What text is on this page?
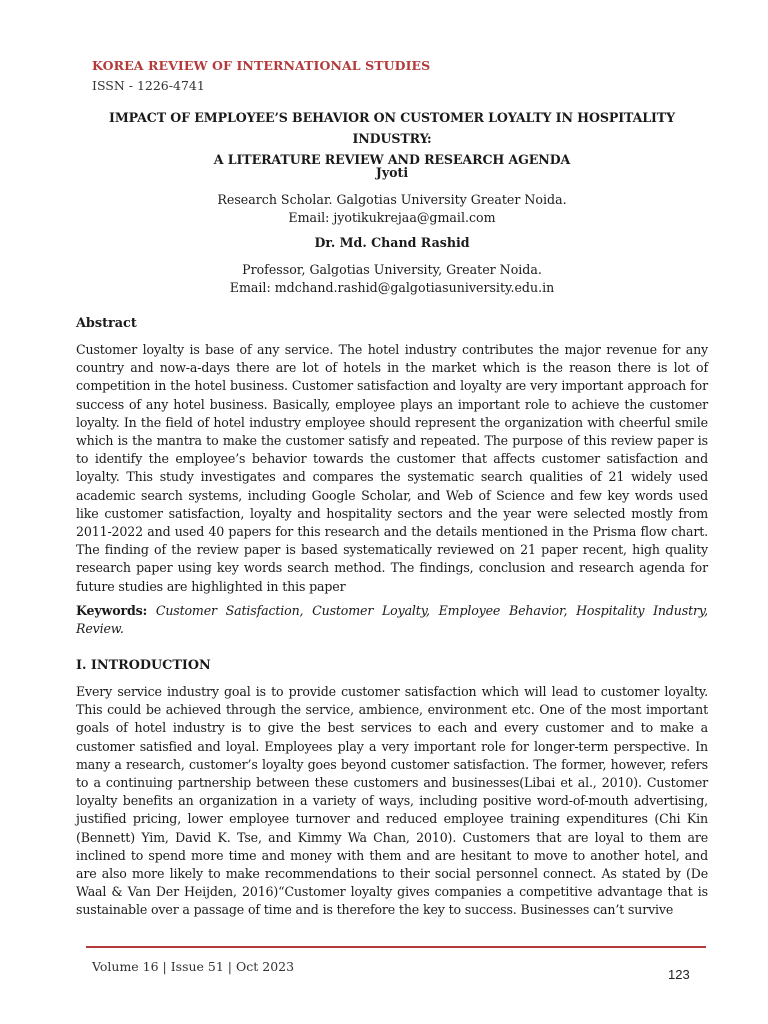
KOREA REVIEW OF INTERNATIONAL STUDIES
ISSN - 1226-4741
IMPACT OF EMPLOYEE’S BEHAVIOR ON CUSTOMER LOYALTY IN HOSPITALITY INDUSTRY:
A LITERATURE REVIEW AND RESEARCH AGENDA
Jyoti
Research Scholar. Galgotias University Greater Noida.
Email: jyotikukrejaa@gmail.com
Dr. Md. Chand Rashid
Professor, Galgotias University, Greater Noida.
Email: mdchand.rashid@galgotiasuniversity.edu.in
Abstract
Customer loyalty is base of any service. The hotel industry contributes the major revenue for any country and now-a-days there are lot of hotels in the market which is the reason there is lot of competition in the hotel business. Customer satisfaction and loyalty are very important approach for success of any hotel business. Basically, employee plays an important role to achieve the customer loyalty. In the field of hotel industry employee should represent the organization with cheerful smile which is the mantra to make the customer satisfy and repeated. The purpose of this review paper is to identify the employee’s behavior towards the customer that affects customer satisfaction and loyalty. This study investigates and compares the systematic search qualities of 21 widely used academic search systems, including Google Scholar, and Web of Science and few key words used like customer satisfaction, loyalty and hospitality sectors and the year were selected mostly from 2011-2022 and used 40 papers for this research and the details mentioned in the Prisma flow chart. The finding of the review paper is based systematically reviewed on 21 paper recent, high quality research paper using key words search method. The findings, conclusion and research agenda for future studies are highlighted in this paper
Keywords: Customer Satisfaction, Customer Loyalty, Employee Behavior, Hospitality Industry, Review.
I. INTRODUCTION
Every service industry goal is to provide customer satisfaction which will lead to customer loyalty. This could be achieved through the service, ambience, environment etc. One of the most important goals of hotel industry is to give the best services to each and every customer and to make a customer satisfied and loyal. Employees play a very important role for longer-term perspective. In many a research, customer’s loyalty goes beyond customer satisfaction. The former, however, refers to a continuing partnership between these customers and businesses(Libai et al., 2010). Customer loyalty benefits an organization in a variety of ways, including positive word-of-mouth advertising, justified pricing, lower employee turnover and reduced employee training expenditures (Chi Kin (Bennett) Yim, David K. Tse, and Kimmy Wa Chan, 2010). Customers that are loyal to them are inclined to spend more time and money with them and are hesitant to move to another hotel, and are also more likely to make recommendations to their social personnel connect. As stated by (De Waal & Van Der Heijden, 2016)“Customer loyalty gives companies a competitive advantage that is sustainable over a passage of time and is therefore the key to success. Businesses can’t survive
Volume 16 | Issue 51 | Oct 2023
123
